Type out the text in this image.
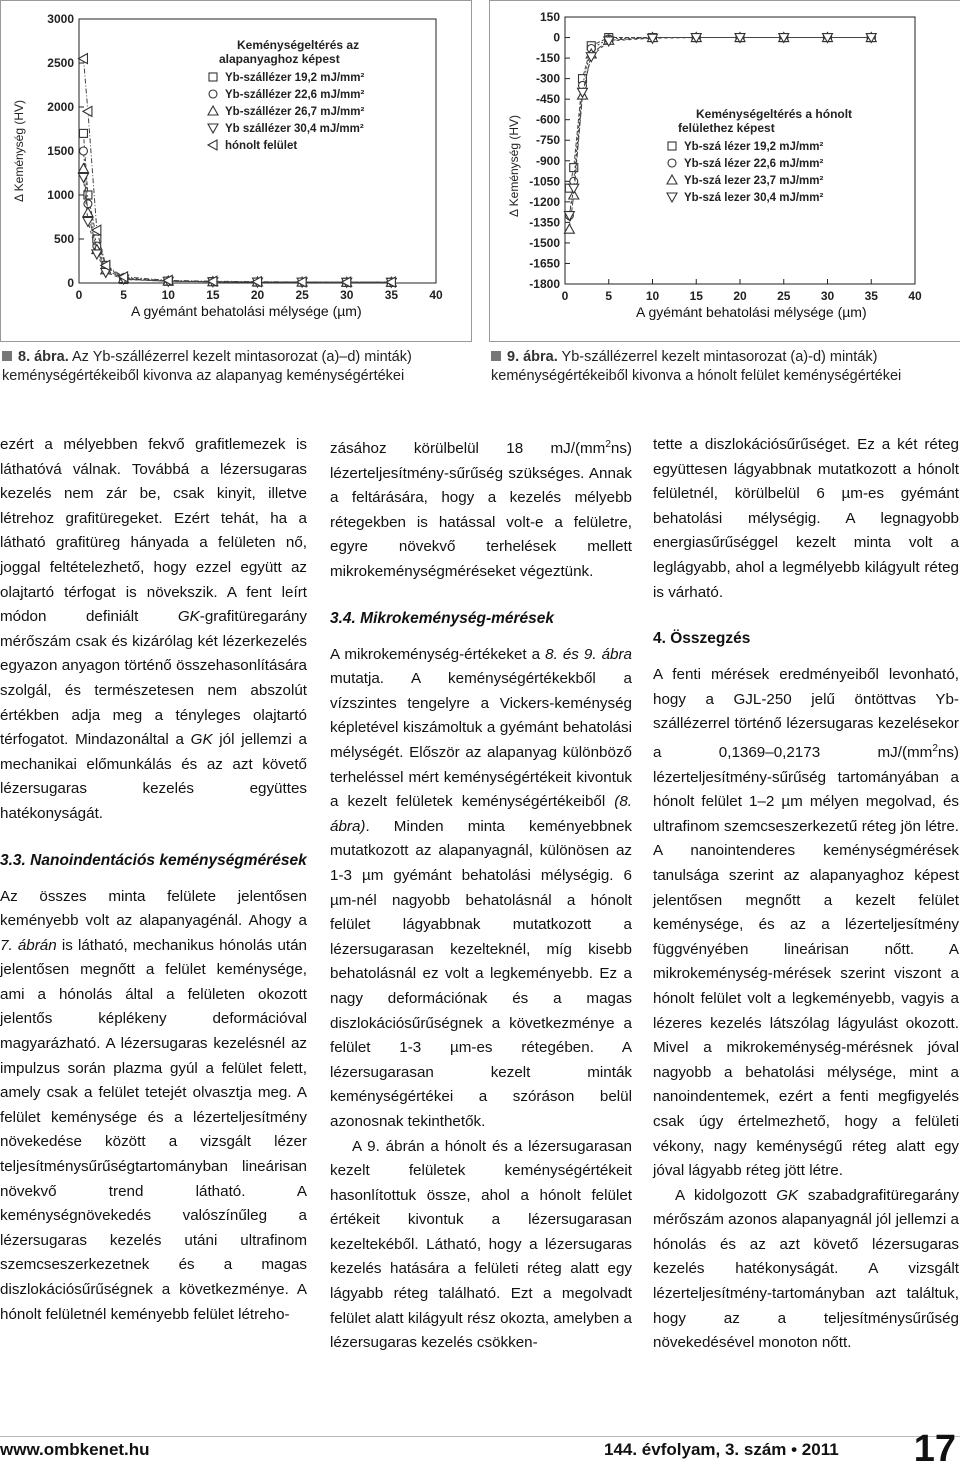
0	5	10	15	20	25	30	35	40
0
500
1000
1500
2000
2500
3000
Δ Keménység (HV)
Keménységeltérés az alapanyaghoz képest
Yb-szállézer 19,2 mJ/mm²
Yb-szállézer 22,6 mJ/mm²
Yb-szállézer 26,7 mJ/mm²
Yb szállézer 30,4 mJ/mm²
hónolt felület
A gyémánt behatolási mélysége (µm)
0	5	10	15	20	25	30	35	40
150
0
-150
-300
-450
-600
-750
-900
-1050
-1200
-1350
-1500
-1650
-1800
Δ Keménység (HV)
Keménységeltérés a hónolt felülethez képest
Yb-szá lézer 19,2 mJ/mm²
Yb-szá lézer 22,6 mJ/mm²
Yb-szá lezer 23,7 mJ/mm²
Yb-szá lezer 30,4 mJ/mm²
A gyémánt behatolási mélysége (µm)
8. ábra. Az Yb-szállézerrel kezelt mintasorozat (a)–d) minták) keménységértékeiből kivonva az alapanyag keménységértékei
9. ábra. Yb-szállézerrel kezelt mintasorozat (a)-d) minták) keménységértékeiből kivonva a hónolt felület keménységértékei

ezért a mélyebben fekvő grafitlemezek is láthatóvá válnak. Továbbá a lézersugaras kezelés nem zár be, csak kinyit, illetve létrehoz grafitüregeket. Ezért tehát, ha a látható grafitüreg hányada a felületen nő, joggal feltételezhető, hogy ezzel együtt az olajtartó térfogat is növekszik. A fent leírt módon definiált GK-grafitüregarány mérőszám csak és kizárólag két lézerkezelés egyazon anyagon történő összehasonlítására szolgál, és természetesen nem abszolút értékben adja meg a tényleges olajtartó térfogatot. Mindazonáltal a GK jól jellemzi a mechanikai előmunkálás és az azt követő lézersugaras kezelés együttes hatékonyságát.

3.3. Nanoindentációs keménységmérések

Az összes minta felülete jelentősen keményebb volt az alapanyagénál. Ahogy a 7. ábrán is látható, mechanikus hónolás után jelentősen megnőtt a felület keménysége, ami a hónolás által a felületen okozott jelentős képlékeny deformációval magyarázható. A lézersugaras kezelésnél az impulzus során plazma gyúl a felület felett, amely csak a felület tetejét olvasztja meg. A felület keménysége és a lézerteljesítmény növekedése között a vizsgált lézer teljesítménysűrűségtartományban lineárisan növekvő trend látható. A keménységnövekedés valószínűleg a lézersugaras kezelés utáni ultrafinom szemcseszerkezetnek és a magas diszlokációsűrűségnek a következménye. A hónolt felületnél keményebb felület létreho-

zásához körülbelül 18 $mJ/(mm^2ns)$ lézerteljesítmény-sűrűség szükséges. Annak a feltárására, hogy a kezelés mélyebb rétegekben is hatással volt-e a felületre, egyre növekvő terhelések mellett mikrokeménységméréseket végeztünk.

3.4. Mikrokeménység-mérések

A mikrokeménység-értékeket a 8. és 9. ábra mutatja. A keménységértékekből a vízszintes tengelyre a Vickers-keménység képletével kiszámoltuk a gyémánt behatolási mélységét. Először az alapanyag különböző terheléssel mért keménységértékeit kivontuk a kezelt felületek keménységértékeiből (8. ábra). Minden minta keményebbnek mutatkozott az alapanyagnál, különösen az 1-3 µm gyémánt behatolási mélységig. 6 µm-nél nagyobb behatolásnál a hónolt felület lágyabbnak mutatkozott a lézersugarasan kezelteknél, míg kisebb behatolásnál ez volt a legkeményebb. Ez a nagy deformációnak és a magas diszlokációsűrűségnek a következménye a felület 1-3 µm-es rétegében. A lézersugarasan kezelt minták keménységértékei a szóráson belül azonosnak tekinthetők.

A 9. ábrán a hónolt és a lézersugarasan kezelt felületek keménységértékeit hasonlítottuk össze, ahol a hónolt felület értékeit kivontuk a lézersugarasan kezeltekéből. Látható, hogy a lézersugaras kezelés hatására a felületi réteg alatt egy lágyabb réteg található. Ezt a megolvadt felület alatt kilágyult rész okozta, amelyben a lézersugaras kezelés csökken-

tette a diszlokációsűrűséget. Ez a két réteg együttesen lágyabbnak mutatkozott a hónolt felületnél, körülbelül 6 µm-es gyémánt behatolási mélységig. A legnagyobb energiasűrűséggel kezelt minta volt a leglágyabb, ahol a legmélyebb kilágyult réteg is várható.

4. Összegzés

A fenti mérések eredményeiből levonható, hogy a GJL-250 jelű öntöttvas Yb-szállézerrel történő lézersugaras kezelésekor a 0,1369–0,2173 $mJ/(mm^2ns)$ lézerteljesítmény-sűrűség tartományában a hónolt felület 1–2 µm mélyen megolvad, és ultrafinom szemcseszerkezetű réteg jön létre. A nanointenderes keménységmérések tanulsága szerint az alapanyaghoz képest jelentősen megnőtt a kezelt felület keménysége, és az a lézerteljesítmény függvényében lineárisan nőtt. A mikrokeménység-mérések szerint viszont a hónolt felület volt a legkeményebb, vagyis a lézeres kezelés látszólag lágyulást okozott. Mivel a mikrokeménység-mérésnek jóval nagyobb a behatolási mélysége, mint a nanoindentemek, ezért a fenti megfigyelés csak úgy értelmezhető, hogy a felületi vékony, nagy keménységű réteg alatt egy jóval lágyabb réteg jött létre.

A kidolgozott GK szabadgrafitüregarány mérőszám azonos alapanyagnál jól jellemzi a hónolás és az azt követő lézersugaras kezelés hatékonyságát. A vizsgált lézerteljesítmény-tartományban azt találtuk, hogy az a teljesítménysűrűség növekedésével monoton nőtt.

www.ombkenet.hu	144. évfolyam, 3. szám • 2011 17
